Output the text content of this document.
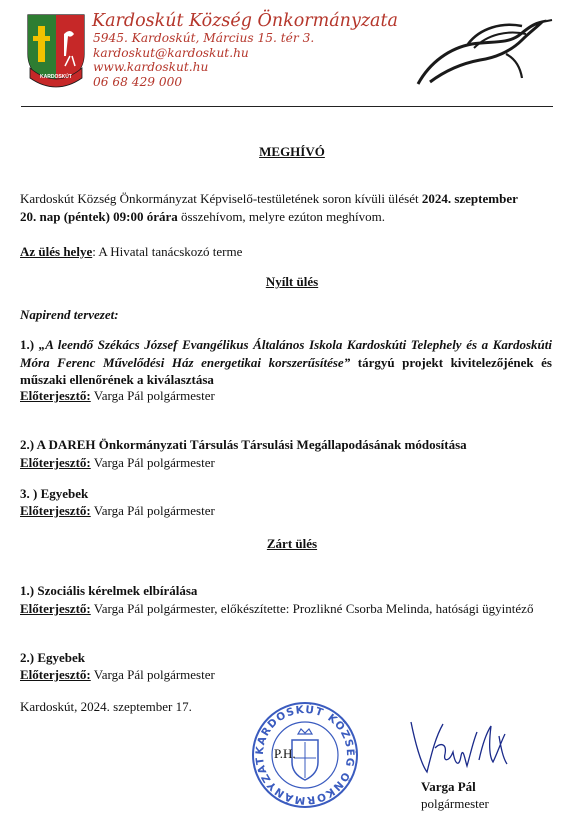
KARDOSKÚT
Kardoskút Község Önkormányzata
5945. Kardoskút, Március 15. tér 3.
kardoskut@kardoskut.hu
www.kardoskut.hu
06 68 429 000
MEGHÍVÓ
Kardoskút Község Önkormányzat Képviselő-testületének soron kívüli ülését 2024. szeptember
20. nap (péntek) 09:00 órára összehívom, melyre ezúton meghívom.
Az ülés helye: A Hivatal tanácskozó terme
Nyílt ülés
Napirend tervezet:
1.) „A leendő Székács József Evangélikus Általános Iskola Kardoskúti Telephely és a Kardoskúti Móra Ferenc Művelődési Ház energetikai korszerűsítése” tárgyú projekt kivitelezőjének és műszaki ellenőrének a kiválasztása
Előterjesztő: Varga Pál polgármester
2.) A DAREH Önkormányzati Társulás Társulási Megállapodásának módosítása
Előterjesztő: Varga Pál polgármester
3. ) Egyebek
Előterjesztő: Varga Pál polgármester
Zárt ülés
1.) Szociális kérelmek elbírálása
Előterjesztő: Varga Pál polgármester, előkészítette: Prozlikné Csorba Melinda, hatósági ügyintéző
2.) Egyebek
Előterjesztő: Varga Pál polgármester
Kardoskút, 2024. szeptember 17.
KARDOSKÚT KÖZSÉG ÖNKORMÁNYZAT P.H.
Varga Pál
polgármester
